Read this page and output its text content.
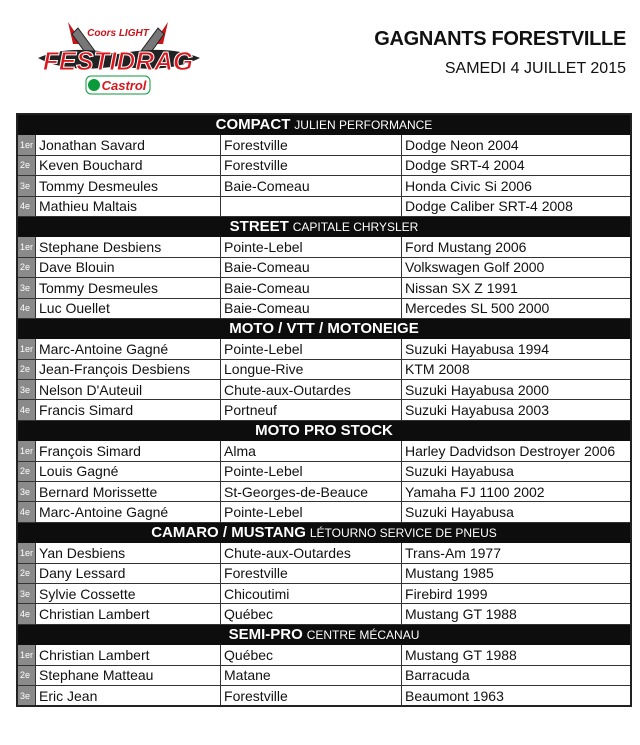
Coors LIGHT
FESTIDRAG
Castrol
GAGNANTS FORESTVILLE
SAMEDI 4 JUILLET 2015
COMPACT JULIEN PERFORMANCE			
1er	Jonathan Savard	Forestville	Dodge Neon 2004
2e	Keven Bouchard	Forestville	Dodge SRT-4 2004
3e	Tommy Desmeules	Baie-Comeau	Honda Civic Si 2006
4e	Mathieu Maltais		Dodge Caliber SRT-4 2008
STREET CAPITALE CHRYSLER			
1er	Stephane Desbiens	Pointe-Lebel	Ford Mustang 2006
2e	Dave Blouin	Baie-Comeau	Volkswagen Golf 2000
3e	Tommy Desmeules	Baie-Comeau	Nissan SX Z 1991
4e	Luc Ouellet	Baie-Comeau	Mercedes SL 500 2000
MOTO / VTT / MOTONEIGE			
1er	Marc-Antoine Gagné	Pointe-Lebel	Suzuki Hayabusa 1994
2e	Jean-François Desbiens	Longue-Rive	KTM 2008
3e	Nelson D'Auteuil	Chute-aux-Outardes	Suzuki Hayabusa 2000
4e	Francis Simard	Portneuf	Suzuki Hayabusa 2003
MOTO PRO STOCK			
1er	François Simard	Alma	Harley Dadvidson Destroyer 2006
2e	Louis Gagné	Pointe-Lebel	Suzuki Hayabusa
3e	Bernard Morissette	St-Georges-de-Beauce	Yamaha FJ 1100 2002
4e	Marc-Antoine Gagné	Pointe-Lebel	Suzuki Hayabusa
CAMARO / MUSTANG LÉTOURNO SERVICE DE PNEUS			
1er	Yan Desbiens	Chute-aux-Outardes	Trans-Am 1977
2e	Dany Lessard	Forestville	Mustang 1985
3e	Sylvie Cossette	Chicoutimi	Firebird 1999
4e	Christian Lambert	Québec	Mustang GT 1988
SEMI-PRO CENTRE MÉCANAU			
1er	Christian Lambert	Québec	Mustang GT 1988
2e	Stephane Matteau	Matane	Barracuda
3e	Eric Jean	Forestville	Beaumont 1963
